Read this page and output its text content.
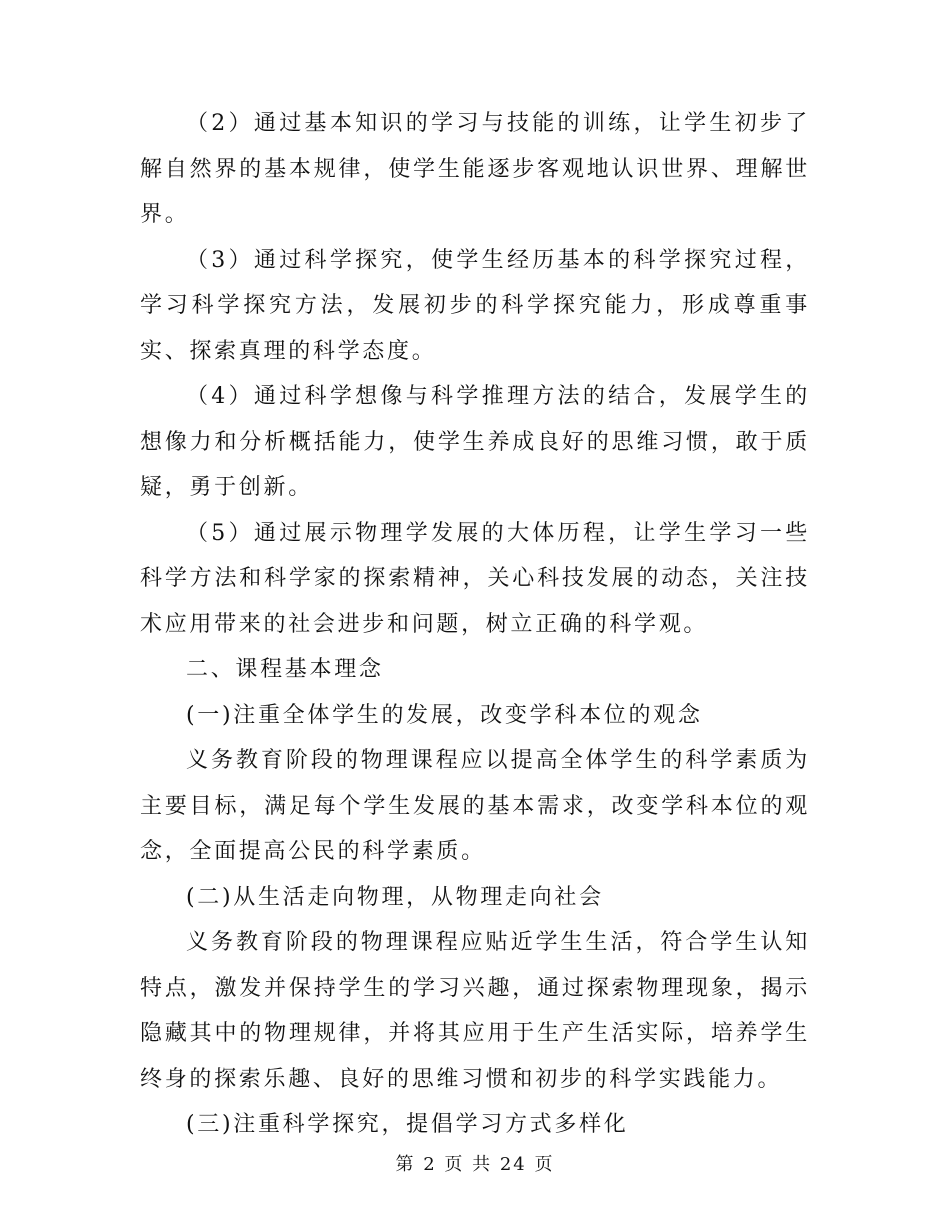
（2）通过基本知识的学习与技能的训练，让学生初步了解自然界的基本规律，使学生能逐步客观地认识世界、理解世界。

（3）通过科学探究，使学生经历基本的科学探究过程，学习科学探究方法，发展初步的科学探究能力，形成尊重事实、探索真理的科学态度。

（4）通过科学想像与科学推理方法的结合，发展学生的想像力和分析概括能力，使学生养成良好的思维习惯，敢于质疑，勇于创新。

（5）通过展示物理学发展的大体历程，让学生学习一些科学方法和科学家的探索精神，关心科技发展的动态，关注技术应用带来的社会进步和问题，树立正确的科学观。

二、课程基本理念

(一)注重全体学生的发展，改变学科本位的观念

义务教育阶段的物理课程应以提高全体学生的科学素质为主要目标，满足每个学生发展的基本需求，改变学科本位的观念，全面提高公民的科学素质。

(二)从生活走向物理，从物理走向社会

义务教育阶段的物理课程应贴近学生生活，符合学生认知特点，激发并保持学生的学习兴趣，通过探索物理现象，揭示隐藏其中的物理规律，并将其应用于生产生活实际，培养学生终身的探索乐趣、良好的思维习惯和初步的科学实践能力。

(三)注重科学探究，提倡学习方式多样化

第 2 页 共 24 页
